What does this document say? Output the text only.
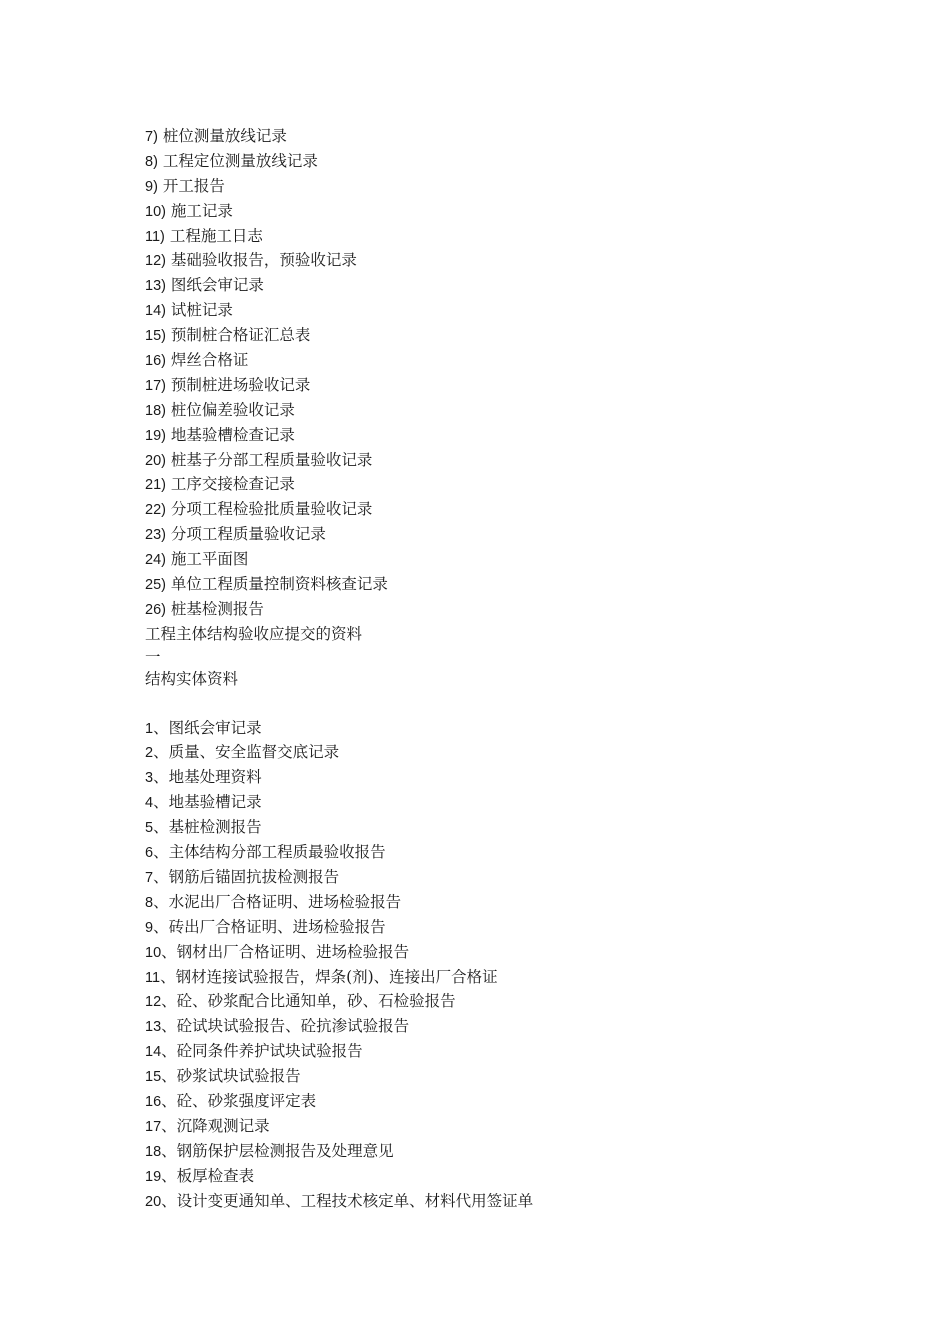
7) 桩位测量放线记录
8) 工程定位测量放线记录
9) 开工报告
10) 施工记录
11) 工程施工日志
12) 基础验收报告，预验收记录
13) 图纸会审记录
14) 试桩记录
15) 预制桩合格证汇总表
16) 焊丝合格证
17) 预制桩进场验收记录
18) 桩位偏差验收记录
19) 地基验槽检查记录
20) 桩基子分部工程质量验收记录
21) 工序交接检查记录
22) 分项工程检验批质量验收记录
23) 分项工程质量验收记录
24) 施工平面图
25) 单位工程质量控制资料核查记录
26) 桩基检测报告
工程主体结构验收应提交的资料
一
结构实体资料
1、图纸会审记录
2、质量、安全监督交底记录
3、地基处理资料
4、地基验槽记录
5、基桩检测报告
6、主体结构分部工程质最验收报告
7、钢筋后锚固抗拔检测报告
8、水泥出厂合格证明、进场检验报告
9、砖出厂合格证明、进场检验报告
10、钢材出厂合格证明、进场检验报告
11、钢材连接试验报告，焊条(剂)、连接出厂合格证
12、砼、砂浆配合比通知单，砂、石检验报告
13、砼试块试验报告、砼抗渗试验报告
14、砼同条件养护试块试验报告
15、砂浆试块试验报告
16、砼、砂浆强度评定表
17、沉降观测记录
18、钢筋保护层检测报告及处理意见
19、板厚检查表
20、设计变更通知单、工程技术核定单、材料代用签证单
